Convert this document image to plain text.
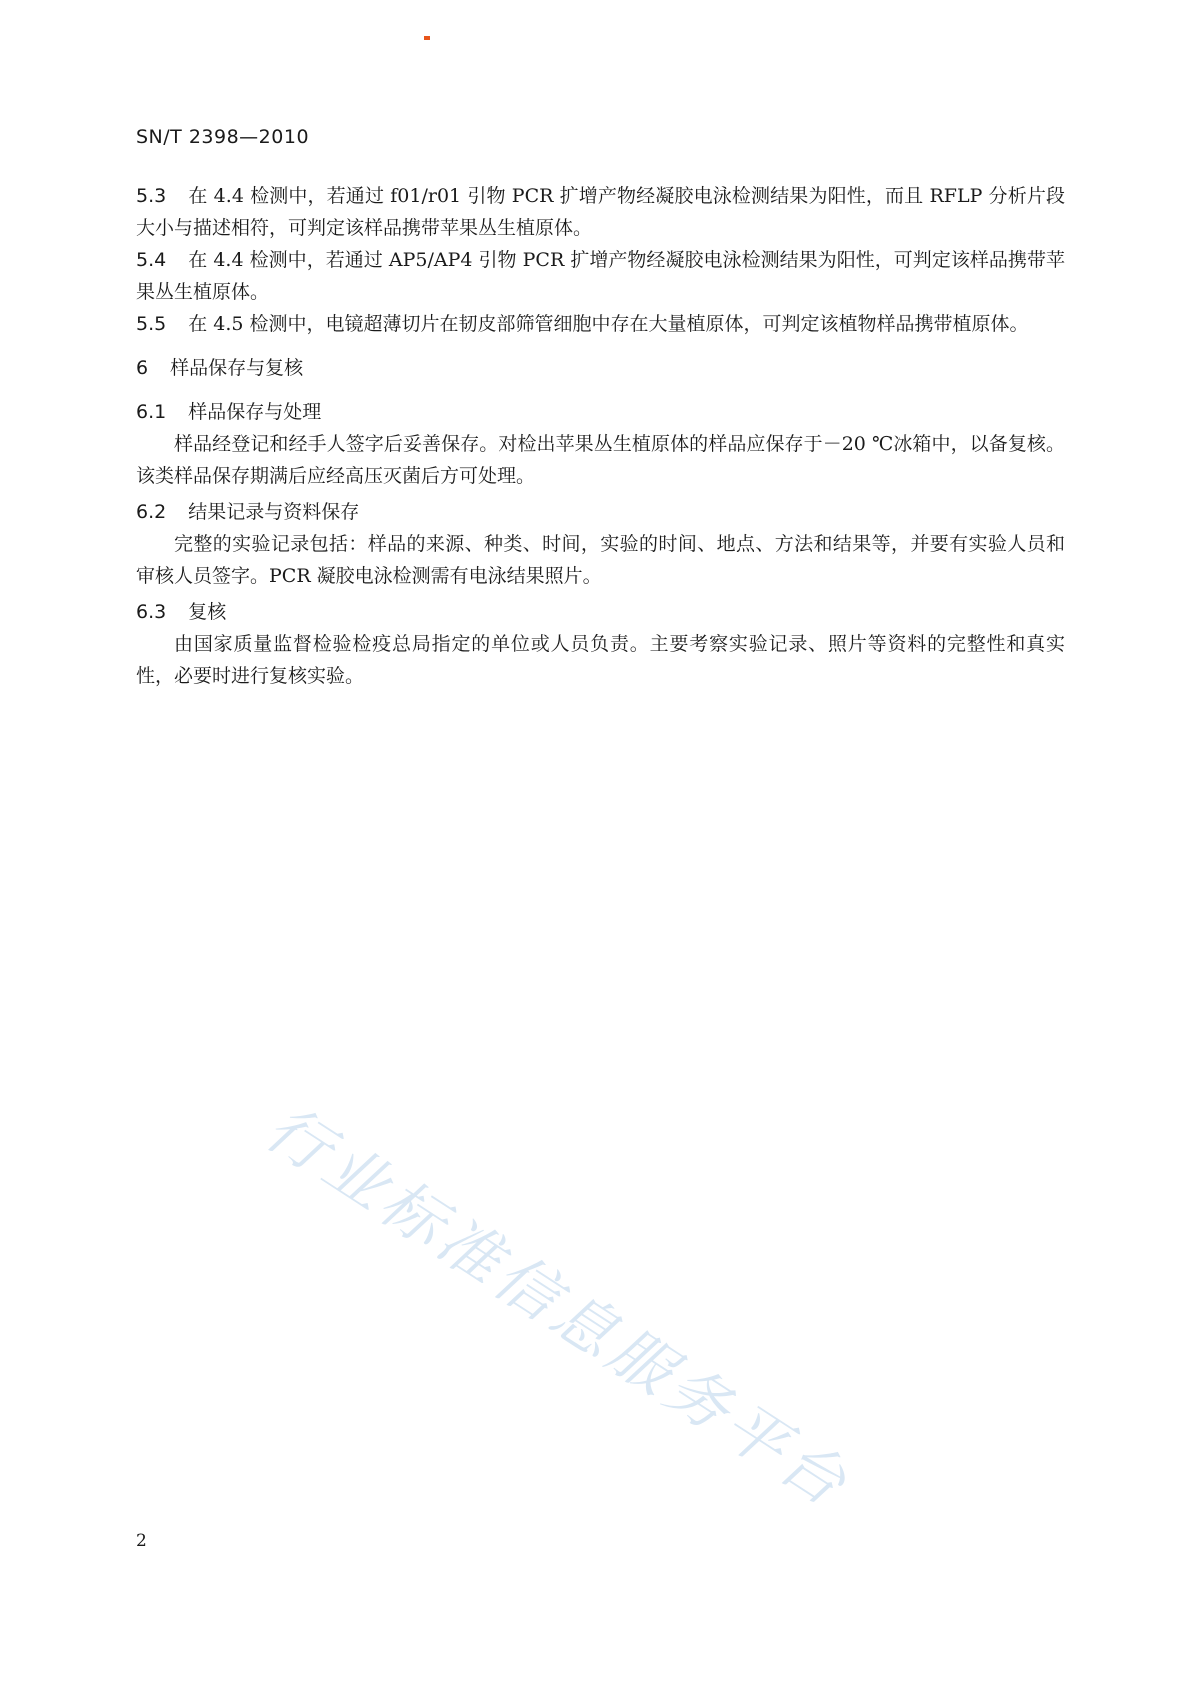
SN/T 2398—2010

5.3 在 4.4 检测中，若通过 f01/r01 引物 PCR 扩增产物经凝胶电泳检测结果为阳性，而且 RFLP 分析片段大小与描述相符，可判定该样品携带苹果丛生植原体。

5.4 在 4.4 检测中，若通过 AP5/AP4 引物 PCR 扩增产物经凝胶电泳检测结果为阳性，可判定该样品携带苹果丛生植原体。

5.5 在 4.5 检测中，电镜超薄切片在韧皮部筛管细胞中存在大量植原体，可判定该植物样品携带植原体。

6 样品保存与复核
6.1 样品保存与处理

样品经登记和经手人签字后妥善保存。对检出苹果丛生植原体的样品应保存于－20 ℃冰箱中，以备复核。该类样品保存期满后应经高压灭菌后方可处理。

6.2 结果记录与资料保存

完整的实验记录包括：样品的来源、种类、时间，实验的时间、地点、方法和结果等，并要有实验人员和审核人员签字。PCR 凝胶电泳检测需有电泳结果照片。

6.3 复核

由国家质量监督检验检疫总局指定的单位或人员负责。主要考察实验记录、照片等资料的完整性和真实性，必要时进行复核实验。

行业标准信息服务平台
2
